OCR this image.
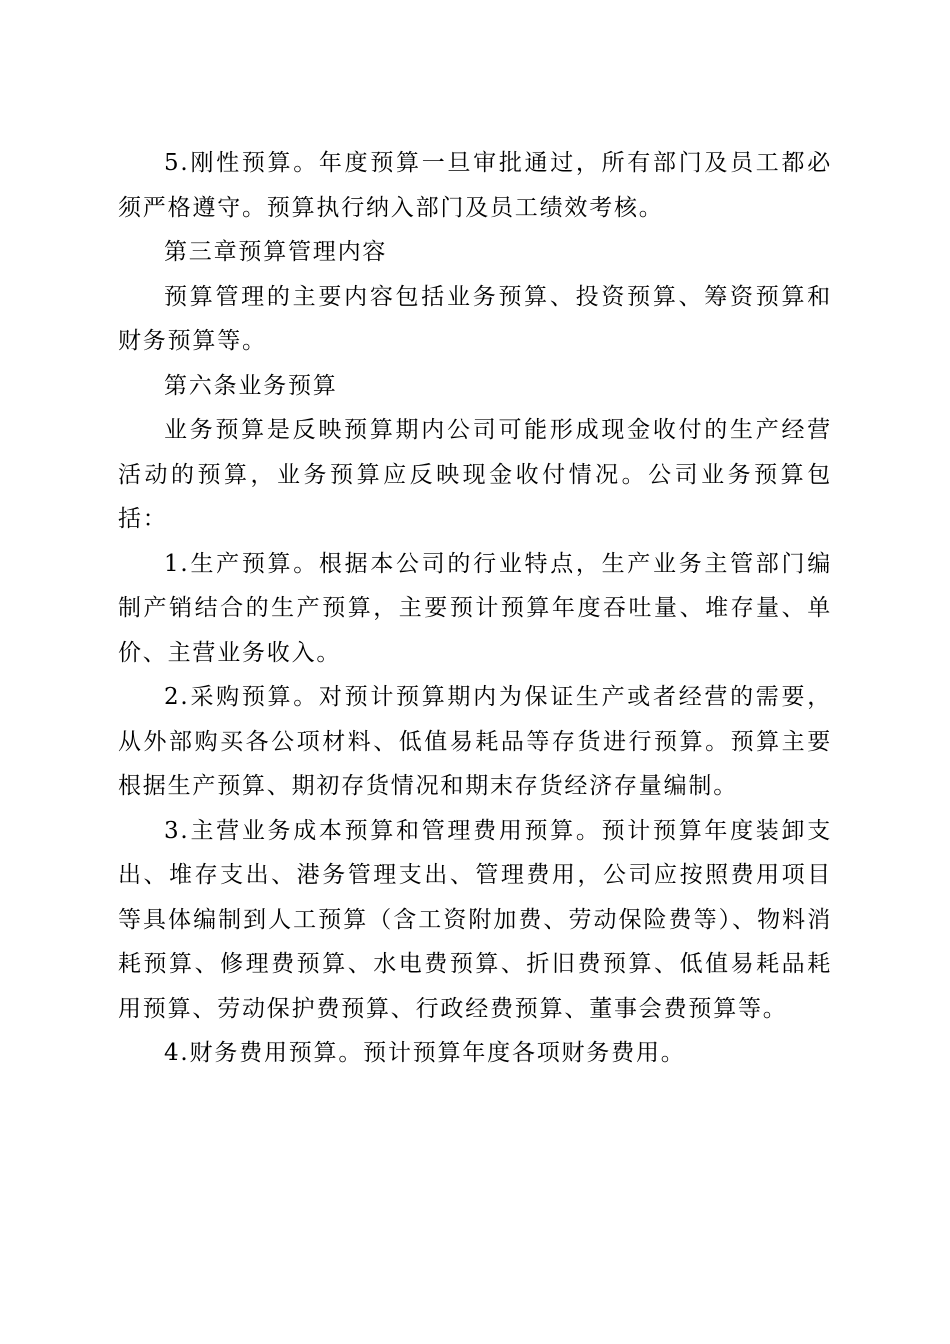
5.刚性预算。年度预算一旦审批通过，所有部门及员工都必须严格遵守。预算执行纳入部门及员工绩效考核。

第三章预算管理内容

预算管理的主要内容包括业务预算、投资预算、筹资预算和财务预算等。

第六条业务预算

业务预算是反映预算期内公司可能形成现金收付的生产经营活动的预算，业务预算应反映现金收付情况。公司业务预算包括：

1.生产预算。根据本公司的行业特点，生产业务主管部门编制产销结合的生产预算，主要预计预算年度吞吐量、堆存量、单价、主营业务收入。

2.采购预算。对预计预算期内为保证生产或者经营的需要，从外部购买各公项材料、低值易耗品等存货进行预算。预算主要根据生产预算、期初存货情况和期末存货经济存量编制。

3.主营业务成本预算和管理费用预算。预计预算年度装卸支出、堆存支出、港务管理支出、管理费用，公司应按照费用项目等具体编制到人工预算（含工资附加费、劳动保险费等）、物料消耗预算、修理费预算、水电费预算、折旧费预算、低值易耗品耗用预算、劳动保护费预算、行政经费预算、董事会费预算等。

4.财务费用预算。预计预算年度各项财务费用。
